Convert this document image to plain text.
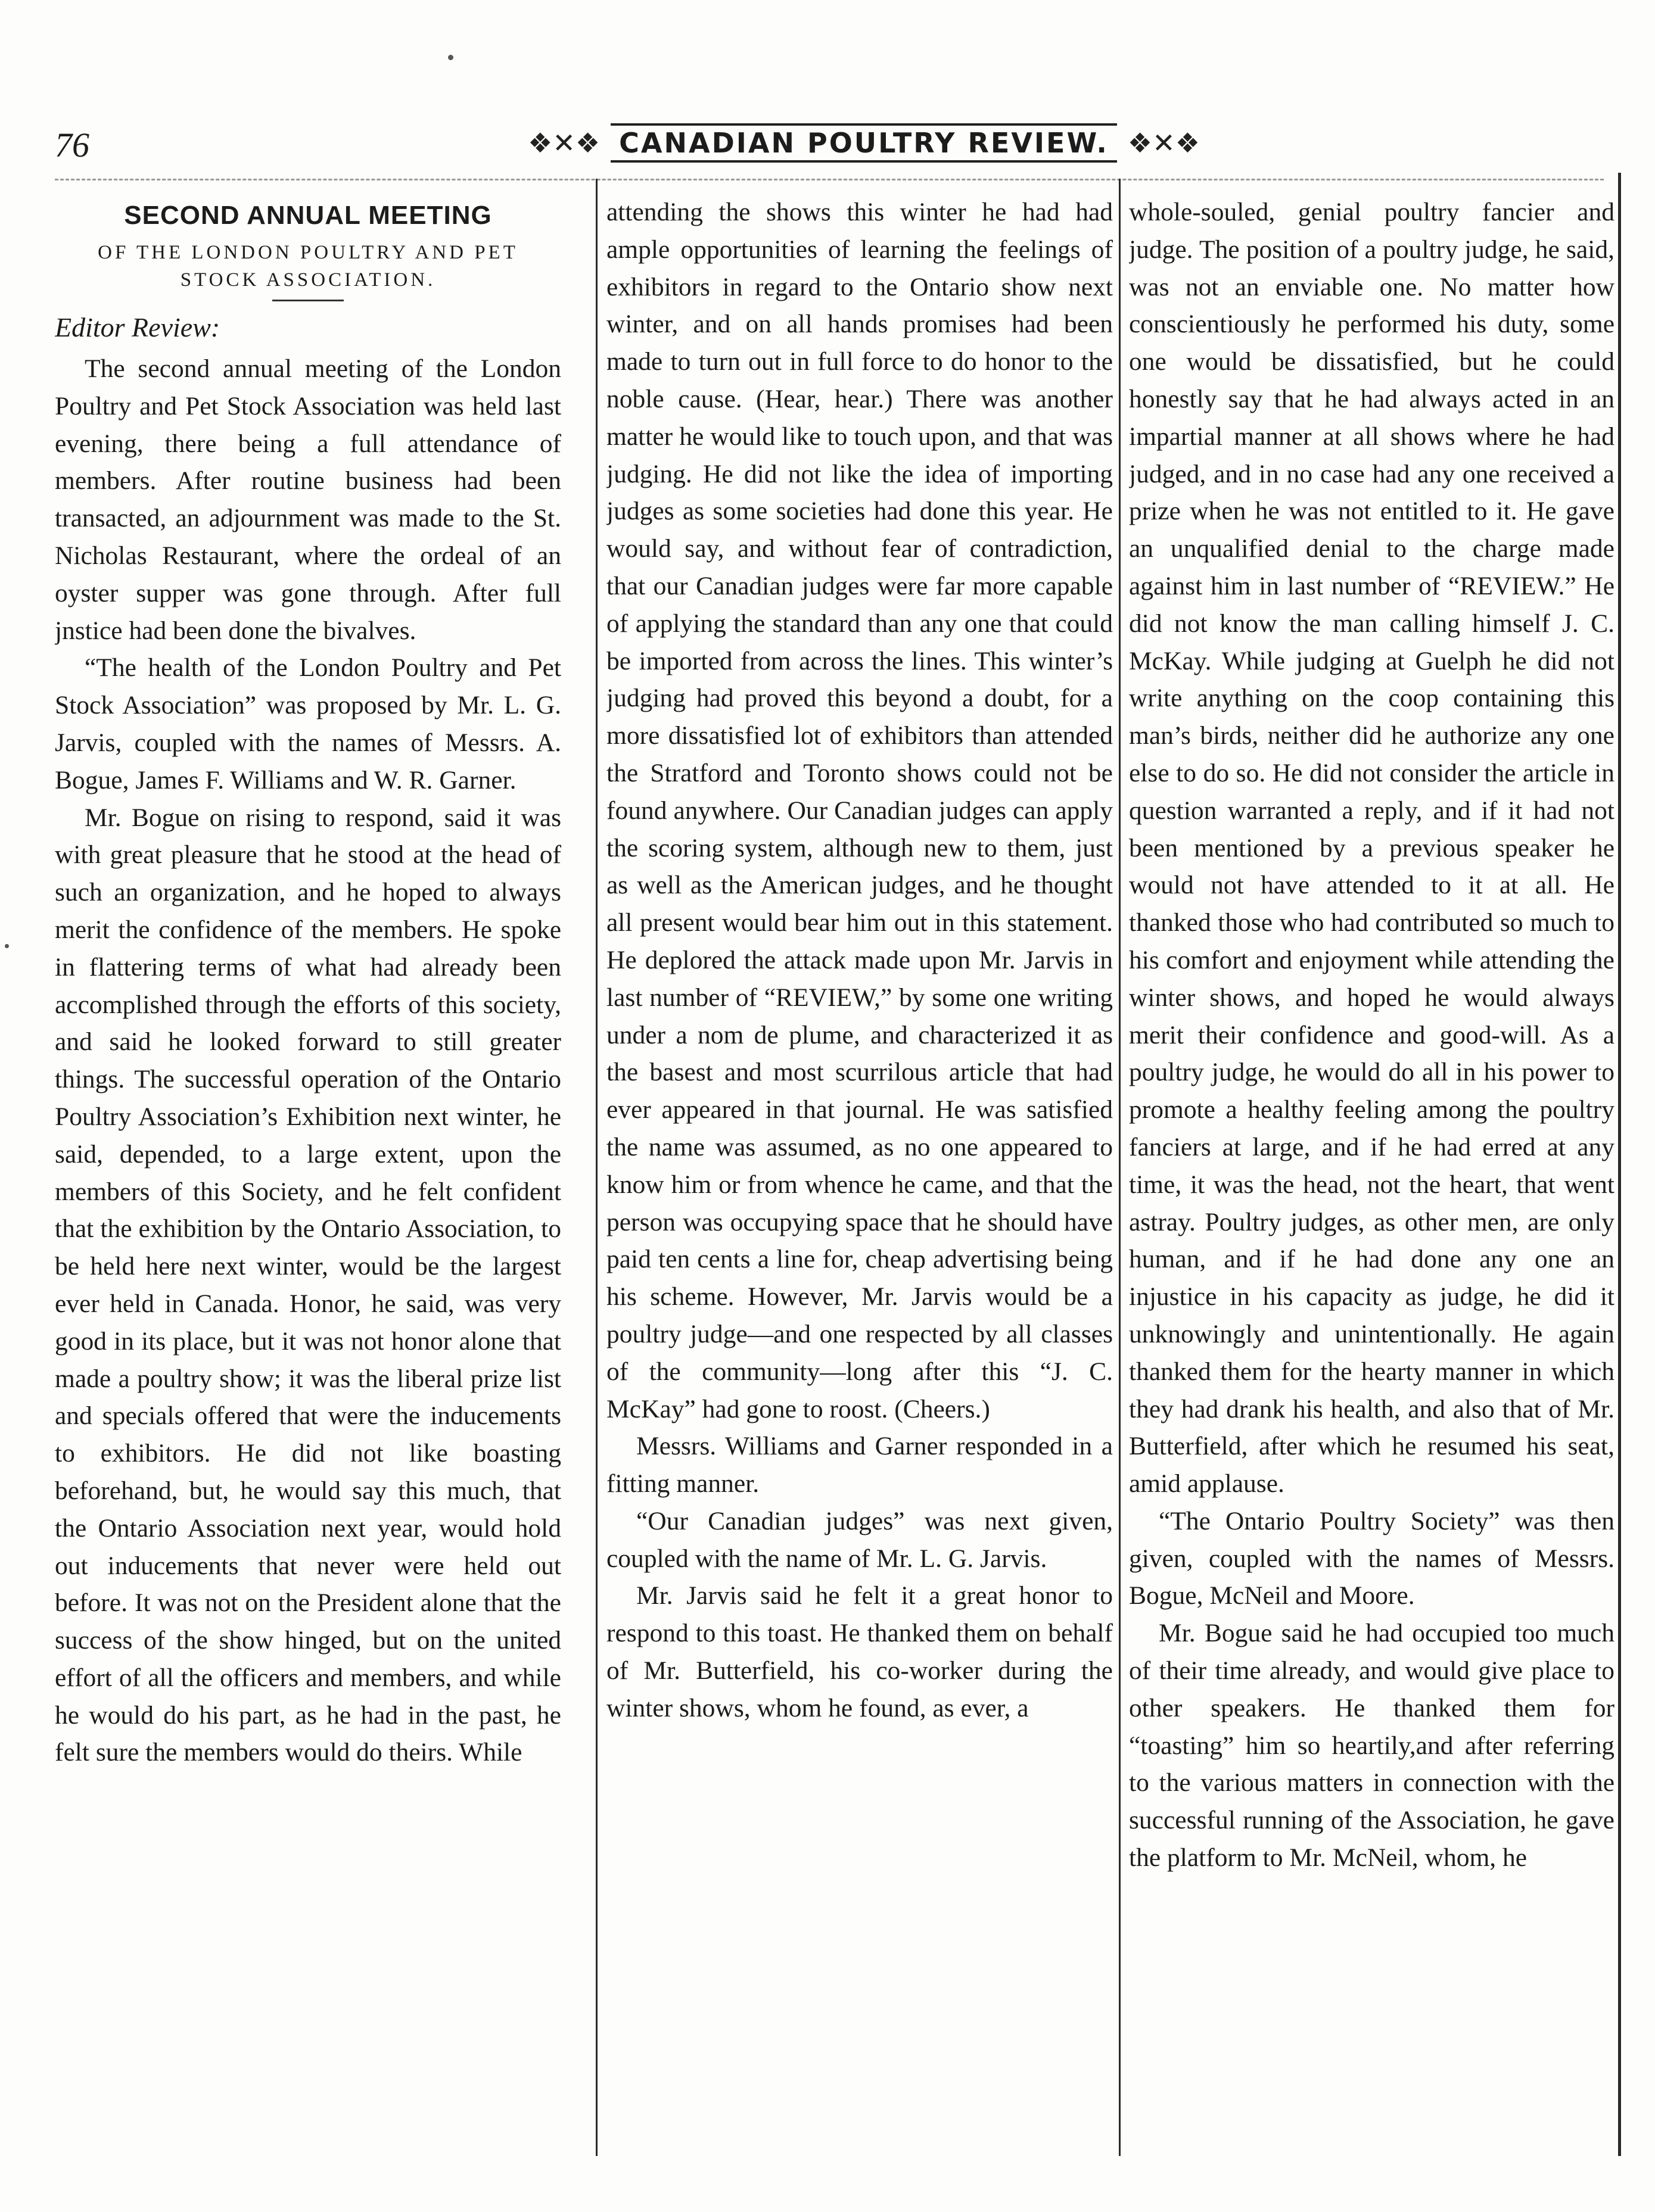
76	❖✕❖ CANADIAN POULTRY REVIEW. ❖✕❖
SECOND ANNUAL MEETING
OF THE LONDON POULTRY AND PET STOCK ASSOCIATION.
Editor Review:

The second annual meeting of the London Poultry and Pet Stock Association was held last evening, there being a full attendance of members. After routine business had been transacted, an adjournment was made to the St. Nicholas Restaurant, where the ordeal of an oyster supper was gone through. After full jnstice had been done the bivalves.

“The health of the London Poultry and Pet Stock Association” was proposed by Mr. L. G. Jarvis, coupled with the names of Messrs. A. Bogue, James F. Williams and W. R. Garner.

Mr. Bogue on rising to respond, said it was with great pleasure that he stood at the head of such an organization, and he hoped to always merit the confidence of the members. He spoke in flattering terms of what had already been accomplished through the efforts of this society, and said he looked forward to still greater things. The successful operation of the Ontario Poultry Association’s Exhibition next winter, he said, depended, to a large extent, upon the members of this Society, and he felt confident that the exhibition by the Ontario Association, to be held here next winter, would be the largest ever held in Canada. Honor, he said, was very good in its place, but it was not honor alone that made a poultry show; it was the liberal prize list and specials offered that were the inducements to exhibitors. He did not like boasting beforehand, but, he would say this much, that the Ontario Association next year, would hold out inducements that never were held out before. It was not on the President alone that the success of the show hinged, but on the united effort of all the officers and members, and while he would do his part, as he had in the past, he felt sure the members would do theirs. While

attending the shows this winter he had had ample opportunities of learning the feelings of exhibitors in regard to the Ontario show next winter, and on all hands promises had been made to turn out in full force to do honor to the noble cause. (Hear, hear.) There was another matter he would like to touch upon, and that was judging. He did not like the idea of importing judges as some societies had done this year. He would say, and without fear of contradiction, that our Canadian judges were far more capable of applying the standard than any one that could be imported from across the lines. This winter’s judging had proved this beyond a doubt, for a more dissatisfied lot of exhibitors than attended the Stratford and Toronto shows could not be found anywhere. Our Canadian judges can apply the scoring system, although new to them, just as well as the American judges, and he thought all present would bear him out in this statement. He deplored the attack made upon Mr. Jarvis in last number of “REVIEW,” by some one writing under a nom de plume, and characterized it as the basest and most scurrilous article that had ever appeared in that journal. He was satisfied the name was assumed, as no one appeared to know him or from whence he came, and that the person was occupying space that he should have paid ten cents a line for, cheap advertising being his scheme. However, Mr. Jarvis would be a poultry judge—and one respected by all classes of the community—long after this “J. C. McKay” had gone to roost. (Cheers.)

Messrs. Williams and Garner responded in a fitting manner.

“Our Canadian judges” was next given, coupled with the name of Mr. L. G. Jarvis.

Mr. Jarvis said he felt it a great honor to respond to this toast. He thanked them on behalf of Mr. Butterfield, his co-worker during the winter shows, whom he found, as ever, a

whole-souled, genial poultry fancier and judge. The position of a poultry judge, he said, was not an enviable one. No matter how conscientiously he performed his duty, some one would be dissatisfied, but he could honestly say that he had always acted in an impartial manner at all shows where he had judged, and in no case had any one received a prize when he was not entitled to it. He gave an unqualified denial to the charge made against him in last number of “REVIEW.” He did not know the man calling himself J. C. McKay. While judging at Guelph he did not write anything on the coop containing this man’s birds, neither did he authorize any one else to do so. He did not consider the article in question warranted a reply, and if it had not been mentioned by a previous speaker he would not have attended to it at all. He thanked those who had contributed so much to his comfort and enjoyment while attending the winter shows, and hoped he would always merit their confidence and good-will. As a poultry judge, he would do all in his power to promote a healthy feeling among the poultry fanciers at large, and if he had erred at any time, it was the head, not the heart, that went astray. Poultry judges, as other men, are only human, and if he had done any one an injustice in his capacity as judge, he did it unknowingly and unintentionally. He again thanked them for the hearty manner in which they had drank his health, and also that of Mr. Butterfield, after which he resumed his seat, amid applause.

“The Ontario Poultry Society” was then given, coupled with the names of Messrs. Bogue, McNeil and Moore.

Mr. Bogue said he had occupied too much of their time already, and would give place to other speakers. He thanked them for “toasting” him so heartily,and after referring to the various matters in connection with the successful running of the Association, he gave the platform to Mr. McNeil, whom, he
